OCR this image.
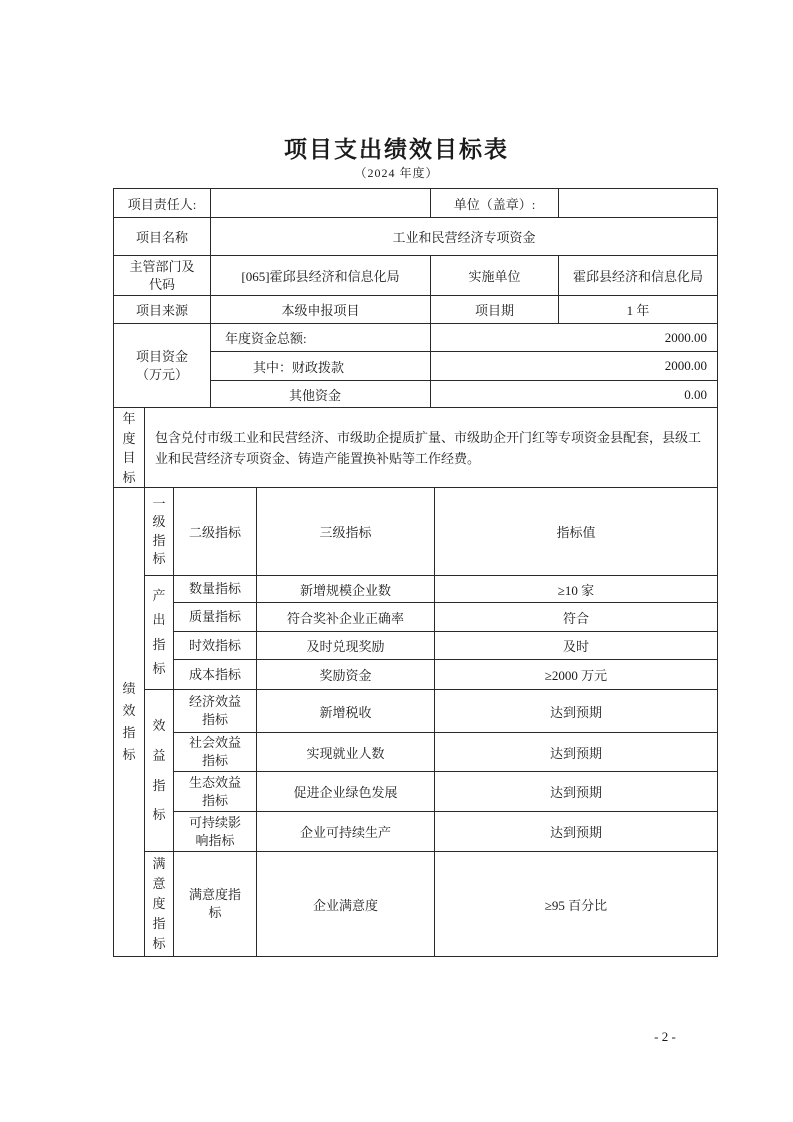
项目支出绩效目标表
（2024 年度）
项目责任人:		单位（盖章）:	
项目名称	工业和民营经济专项资金		

主管部门及
代码	[065]霍邱县经济和信息化局	实施单位	霍邱县经济和信息化局
项目来源	本级申报项目	项目期	1 年

项目资金
（万元）	年度资金总额:	2000.00	
	其中：财政拨款	2000.00	
	其他资金	0.00	
年度目标
	包含兑付市级工业和民营经济、市级助企提质扩量、市级助企开门红等专项资金县配套，县级工业和民营经济专项资金、铸造产能置换补贴等工作经费。
绩效指标	一级指标	二级指标	三级指标	指标值

	产出指标	数量指标	新增规模企业数	≥10 家
		质量指标	符合奖补企业正确率	符合
		时效指标	及时兑现奖励	及时
		成本指标	奖励资金	≥2000 万元

	效益指标	经济效益指标	新增税收	达到预期
		社会效益指标	实现就业人数	达到预期
		生态效益指标	促进企业绿色发展	达到预期
		可持续影响指标	企业可持续生产	达到预期

	满意度指标	满意度指标	企业满意度	≥95 百分比
- 2 -
